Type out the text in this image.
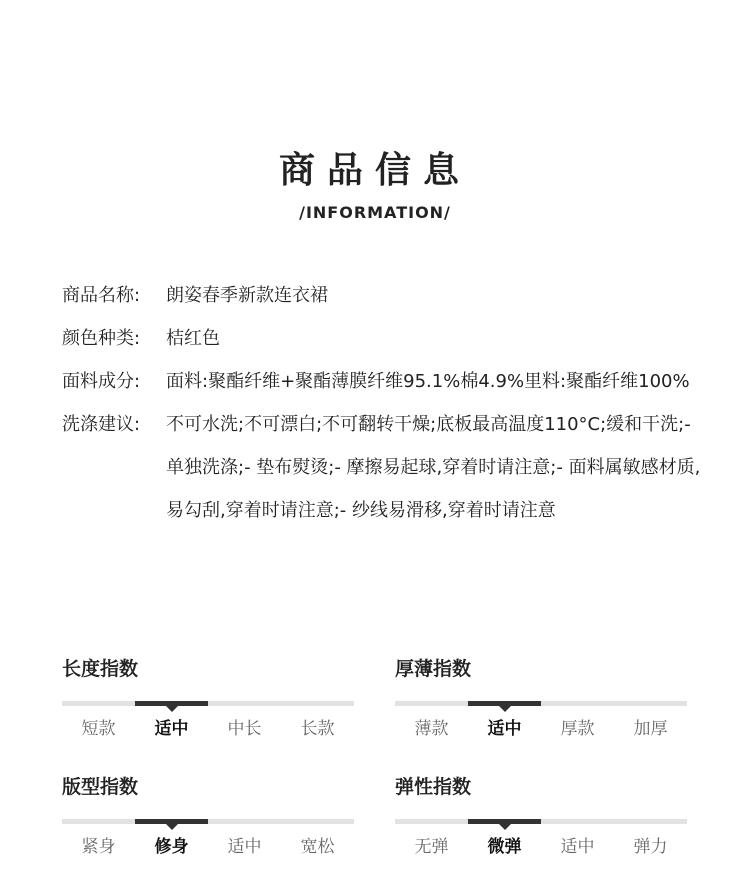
商品信息
/INFORMATION/
商品名称:	朗姿春季新款连衣裙
颜色种类:	桔红色
面料成分:	面料:聚酯纤维+聚酯薄膜纤维95.1%棉4.9%里料:聚酯纤维100%
洗涤建议:	不可水洗;不可漂白;不可翻转干燥;底板最高温度110°C;缓和干洗;- 单独洗涤;- 垫布熨烫;- 摩擦易起球,穿着时请注意;- 面料属敏感材质,易勾刮,穿着时请注意;- 纱线易滑移,穿着时请注意
长度指数
短款	适中	中长	长款
厚薄指数
薄款	适中	厚款	加厚
版型指数
紧身	修身	适中	宽松
弹性指数
无弹	微弹	适中	弹力
